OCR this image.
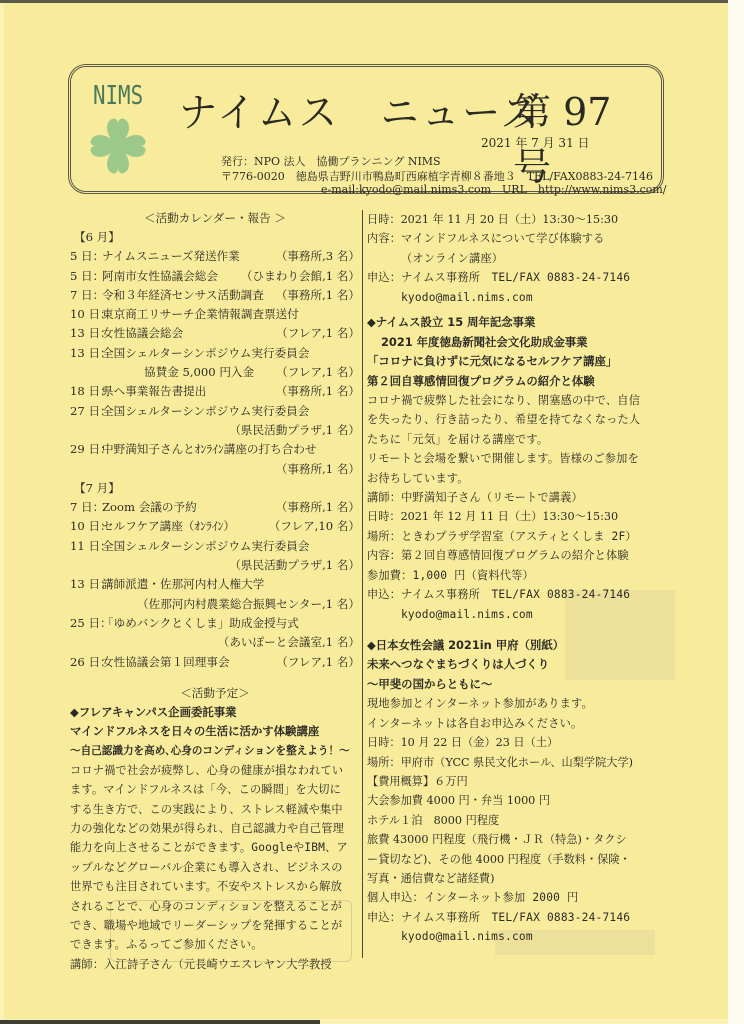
NIMS ナイムス　ニューズ
第 97 号
2021 年 7 月 31 日
発行：NPO 法人　協働プランニング NIMS
〒776-0020　徳島県吉野川市鴨島町西麻植字青柳８番地３　TEL/FAX0883-24-7146
e-mail:kyodo@mail.nims3.com　URL　http://www.nims3.com/
＜活動カレンダー・報告 ＞
【6 月】
5 日：
ナイムスニューズ発送作業	（事務所,3 名）
5 日：
阿南市女性協議会総会	（ひまわり会館,1 名）
7 日：
令和３年経済センサス活動調査	（事務所,1 名）
10 日：
東京商工リサーチ企業情報調査票送付
13 日：
女性協議会総会	（フレア,1 名）
13 日：
全国シェルターシンポジウム実行委員会
協賛金 5,000 円入金 （フレア,1 名）
18 日：
県へ事業報告書提出	（事務所,1 名）
27 日：
全国シェルターシンポジウム実行委員会
（県民活動プラザ,1 名）
29 日：
中野満知子さんとｵﾝﾗｲﾝ講座の打ち合わせ
（事務所,1 名）
【7 月】
7 日：
Zoom 会議の予約	（事務所,1 名）
10 日：
セルフケア講座（ｵﾝﾗｲﾝ）	（フレア,10 名）
11 日：
全国シェルターシンポジウム実行委員会
（県民活動プラザ,1 名）
13 日：
講師派遣・佐那河内村人権大学
（佐那河内村農業総合振興センター,1 名）
25 日：
「ゆめバンクとくしま」助成金授与式
（あいぽーと会議室,1 名）
26 日：
女性協議会第１回理事会	（フレア,1 名）
＜活動予定＞
◆フレアキャンパス企画委託事業
マインドフルネスを日々の生活に活かす体験講座
～自己認識力を高め､心身のコンディションを整えよう！～
コロナ禍で社会が疲弊し、心身の健康が損なわれてい
ます。マインドフルネスは「今、この瞬間」を大切に
する生き方で、この実践により、ストレス軽減や集中
力の強化などの効果が得られ、自己認識力や自己管理
能力を向上させることができます。GoogleやIBM、ア
ップルなどグローバル企業にも導入され、ビジネスの
世界でも注目されています。不安やストレスから解放
されることで、心身のコンディションを整えることが
でき、職場や地域でリーダーシップを発揮することが
できます。ふるってご参加ください。
講師：入江詩子さん（元長崎ウエスレヤン大学教授
日時：2021 年 11 月 20 日（土）13:30～15:30
内容：マインドフルネスについて学び体験する
（オンライン講座）
申込：ナイムス事務所　TEL/FAX 0883-24-7146
kyodo@mail.nims.com
◆ナイムス設立 15 周年記念事業
2021 年度徳島新聞社会文化助成金事業
「コロナに負けずに元気になるセルフケア講座」
第２回自尊感情回復プログラムの紹介と体験
コロナ禍で疲弊した社会になり、閉塞感の中で、自信
を失ったり、行き詰ったり、希望を持てなくなった人
たちに「元気」を届ける講座です。
リモートと会場を繋いで開催します。皆様のご参加を
お待ちしています。
講師：中野満知子さん（リモートで講義）
日時：2021 年 12 月 11 日（土）13:30～15:30
場所：ときわプラザ学習室（アスティとくしま 2F）
内容：第２回自尊感情回復プログラムの紹介と体験
参加費：1,000 円（資料代等）
申込：ナイムス事務所　TEL/FAX 0883-24-7146
kyodo@mail.nims.com
◆日本女性会議 2021in 甲府（別紙）
未来へつなぐまちづくりは人づくり
～甲斐の国からともに～
現地参加とインターネット参加があります。
インターネットは各自お申込みください。
日時：10 月 22 日（金）23 日（土）
場所：甲府市（YCC 県民文化ホール、山梨学院大学)
【費用概算】６万円
大会参加費 4000 円・弁当 1000 円
ホテル１泊　8000 円程度
旅費 43000 円程度（飛行機・ＪＲ（特急)・タクシ
ー貸切など)、その他 4000 円程度（手数料・保険・
写真・通信費など諸経費)
個人申込：インターネット参加 2000 円
申込：ナイムス事務所　TEL/FAX 0883-24-7146
kyodo@mail.nims.com
